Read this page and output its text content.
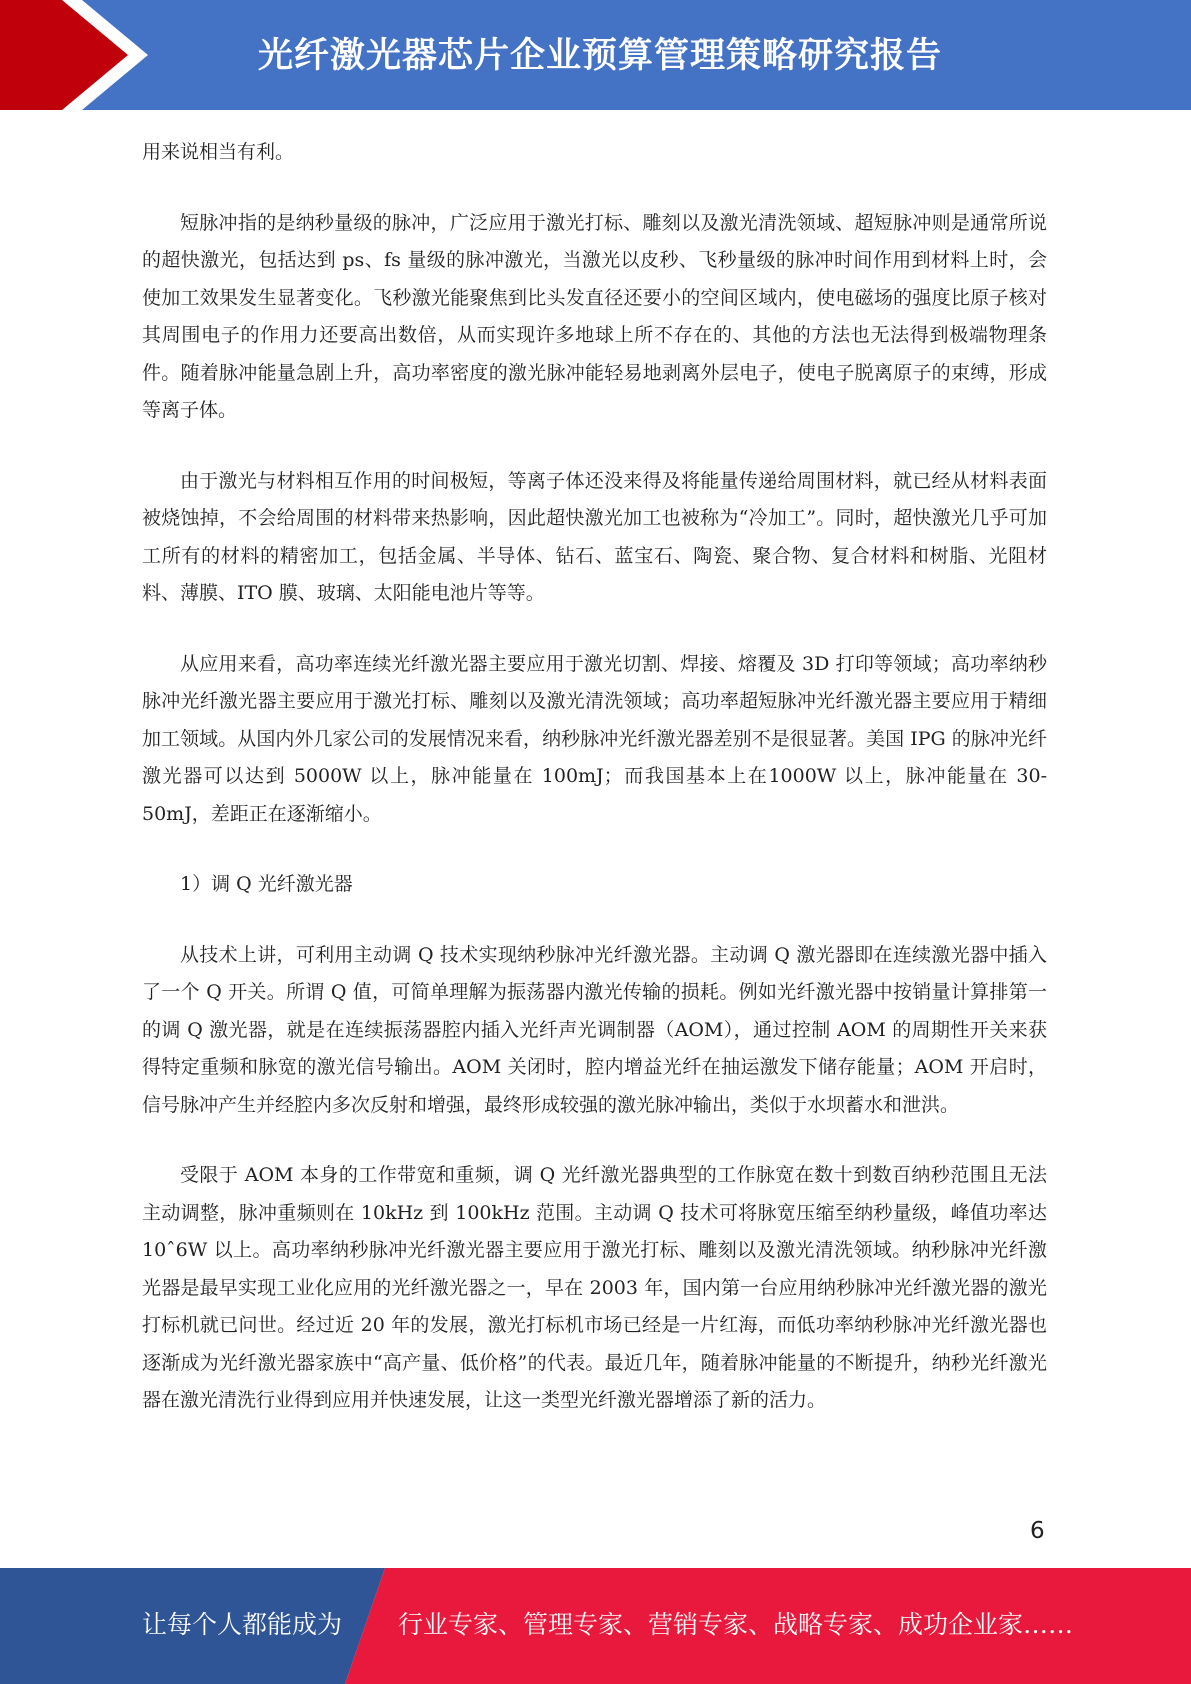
光纤激光器芯片企业预算管理策略研究报告

用来说相当有利。

短脉冲指的是纳秒量级的脉冲，广泛应用于激光打标、雕刻以及激光清洗领域、超短脉冲则是通常所说的超快激光，包括达到 ps、fs 量级的脉冲激光，当激光以皮秒、飞秒量级的脉冲时间作用到材料上时，会使加工效果发生显著变化。飞秒激光能聚焦到比头发直径还要小的空间区域内，使电磁场的强度比原子核对其周围电子的作用力还要高出数倍，从而实现许多地球上所不存在的、其他的方法也无法得到极端物理条件。随着脉冲能量急剧上升，高功率密度的激光脉冲能轻易地剥离外层电子，使电子脱离原子的束缚，形成等离子体。

由于激光与材料相互作用的时间极短，等离子体还没来得及将能量传递给周围材料，就已经从材料表面被烧蚀掉，不会给周围的材料带来热影响，因此超快激光加工也被称为“冷加工”。同时，超快激光几乎可加工所有的材料的精密加工，包括金属、半导体、钻石、蓝宝石、陶瓷、聚合物、复合材料和树脂、光阻材料、薄膜、ITO 膜、玻璃、太阳能电池片等等。

从应用来看，高功率连续光纤激光器主要应用于激光切割、焊接、熔覆及 3D 打印等领域；高功率纳秒脉冲光纤激光器主要应用于激光打标、雕刻以及激光清洗领域；高功率超短脉冲光纤激光器主要应用于精细加工领域。从国内外几家公司的发展情况来看，纳秒脉冲光纤激光器差别不是很显著。美国 IPG 的脉冲光纤激光器可以达到 5000W 以上，脉冲能量在 100mJ；而我国基本上在1000W 以上，脉冲能量在 30-50mJ，差距正在逐渐缩小。

1）调 Q 光纤激光器

从技术上讲，可利用主动调 Q 技术实现纳秒脉冲光纤激光器。主动调 Q 激光器即在连续激光器中插入了一个 Q 开关。所谓 Q 值，可简单理解为振荡器内激光传输的损耗。例如光纤激光器中按销量计算排第一的调 Q 激光器，就是在连续振荡器腔内插入光纤声光调制器（AOM），通过控制 AOM 的周期性开关来获得特定重频和脉宽的激光信号输出。AOM 关闭时，腔内增益光纤在抽运激发下储存能量；AOM 开启时，信号脉冲产生并经腔内多次反射和增强，最终形成较强的激光脉冲输出，类似于水坝蓄水和泄洪。

受限于 AOM 本身的工作带宽和重频，调 Q 光纤激光器典型的工作脉宽在数十到数百纳秒范围且无法主动调整，脉冲重频则在 10kHz 到 100kHz 范围。主动调 Q 技术可将脉宽压缩至纳秒量级，峰值功率达 10ˆ6W 以上。高功率纳秒脉冲光纤激光器主要应用于激光打标、雕刻以及激光清洗领域。纳秒脉冲光纤激光器是最早实现工业化应用的光纤激光器之一，早在 2003 年，国内第一台应用纳秒脉冲光纤激光器的激光打标机就已问世。经过近 20 年的发展，激光打标机市场已经是一片红海，而低功率纳秒脉冲光纤激光器也逐渐成为光纤激光器家族中“高产量、低价格”的代表。最近几年，随着脉冲能量的不断提升，纳秒光纤激光器在激光清洗行业得到应用并快速发展，让这一类型光纤激光器增添了新的活力。

6
让每个人都能成为 行业专家、管理专家、营销专家、战略专家、成功企业家……
